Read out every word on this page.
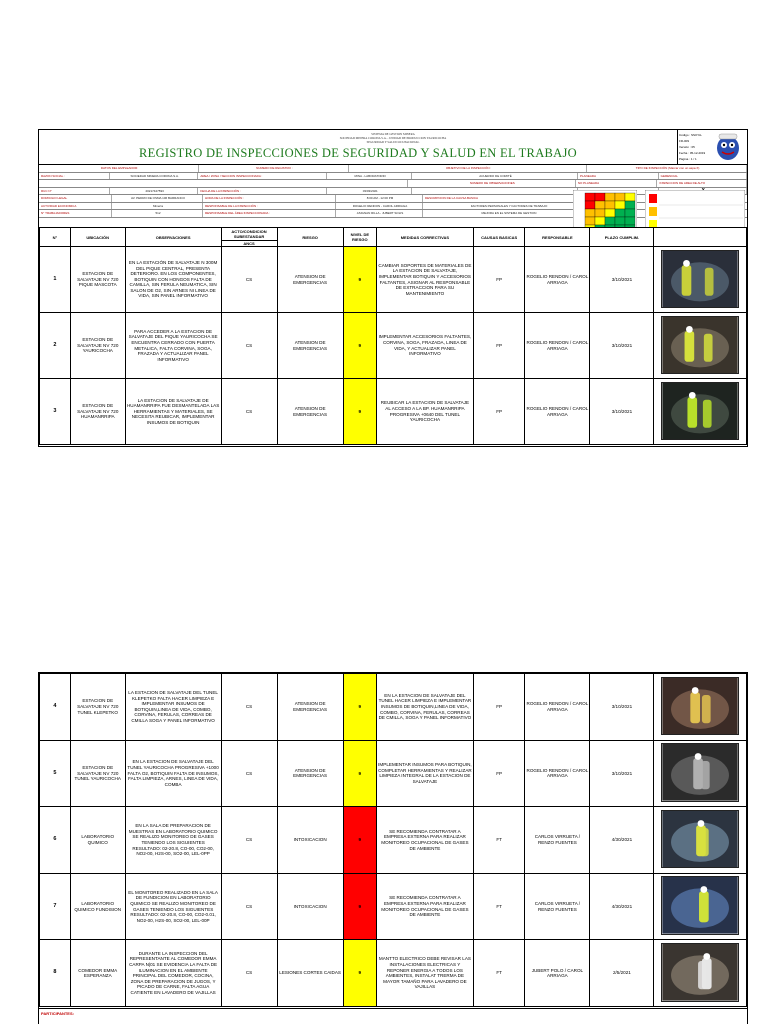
SISTEMA DE GESTION MINERA
SOCIEDAD MINERA CORONA S.A. - UNIDAD DE PRODUCCION YAURICOCHA
SEGURIDAD Y SALUD OCUPACIONAL
REGISTRO DE INSPECCIONES DE SEGURIDAD Y SALUD EN EL TRABAJO
Código : SSOYA-FR-009
Versión : 05
Fecha : 05-12-2019
Página : 1 / 1
DATOS DEL EMPLEADOR:	NUMERO DE REGISTRO :	OBJETIVO DE LA INSPECCIÓN :	TIPO DE INSPECCIÓN (Marcar con un aspa X)
RAZON SOCIAL :	SOCIEDAD MINERA CORONA S.A.	AREA / ZONA / SECCION INSPECCIONADA :	MINA - LABORATORIO	ACUERDO DE COMITÉ	PLANEADA	GERENCIAL
NUMERO DE OBSERVACIONES	NO PLANEADA	INSPECCION DE AREA DE ALTO
RUC N°	20217427593	FECHA DE LA INSPECCIÓN :	03/03/2021
DOMICILIO LEGAL	AV. PEDRO DE OSMA 106 BARRANCO	HORA DE LA INSPECCIÓN :	8:00 AM - 12:00 PM	DESCRIPCION DE LA CAUSA BASICA
ACTIVIDAD ECONOMICA	Minería	RESPONSABLE DE LA INSPECCIÓN :	ROGELIO RENDON - CAROL ARRIAGA	FACTORES PERSONALES Y FACTORES DE TRABAJO
N° TRABAJADORES	512	RESPONSABLE DEL ÁREA INSPECCIONADA :	ASIGNAN RILLA - JUBERT SOLIS	MEJORA EN EL SISTEMA DE GESTION
N°	UBICACIÓN	OBSERVACIONES	ACTO/CONDICION SUBESTANDAR
ANCS	RIESGO	NIVEL DE RIESGO	MEDIDAS CORRECTIVAS	CAUSAS BASICAS	RESPONSABLE	PLAZO CUMPLIM.	
1	ESTACION DE SALVATAJE NV 720 PIQUE MASCOTA	EN LA ESTACIÓN DE SALVATAJE N 300M DEL PIQUE CENTRAL, PRESENTA DETERIORO. EN LOS COMPONENTES, BOTIQUIN CON HONGOS FALTA DE CAMILLA, SIN FERULA NEUMATICA, SIN SALON DE O2, SIN ARNES NI LINEA DE VIDA, SIN PANEL INFORMATIVO	CS	ATENSION DE EMERGENCIAS	9	CAMBIAR SOPORTES DE MATERIALES DE LA ESTACION DE SALVATAJE, IMPLEMENTAR BOTIQUIN Y ACCESORIOS FALTANTES, ASIGNAR AL RESPONSABLE DE EXTRACCION PARA SU MANTENIMIENTO	FP	ROGELIO RENDON / CAROL ARRIAGA	3/10/2021	
2	ESTACION DE SALVATAJE NV 720 YAURICOCHA	PARA ACCEDER A LA ESTACION DE SALVATAJE DEL PIQUE YAURICOCHA SE ENCUENTRA CERRADO CON PUERTA METALICA, FALTA CORVINA, SOGA, FRAZADA Y ACTUALIZAR PANEL INFORMATIVO	CS	ATENSION DE EMERGENCIAS	9	IMPLEMENTAR ACCESORIOS FALTANTES, CORVINA, SOGA, FRAZADA, LINEA DE VIDA, Y ACTUALIZAR PANEL INFORMATIVO	FP	ROGELIO RENDON / CAROL ARRIAGA	3/10/2021	
3	ESTACION DE SALVATAJE NV 720 HUAMANRRIPA	LA ESTACION DE SALVATAJE DE HUAMANRRIPA FUE DESMANTELADA LAS HERRAMIENTAS Y MATERIALES, SE NECESITA REUBICAR, IMPLEMENTAR INSUMOS DE BOTIQUIN	CS	ATENSION DE EMERGENCIAS	9	REUBICAR LA ESTACION DE SALVATAJE AL ACCESO A LA BP. HUAMANRRIPA PROGRESIVA +0640 DEL TUNEL YAURICOCHA	FP	ROGELIO RENDON / CAROL ARRIAGA	3/10/2021	
4	ESTACION DE SALVATAJE NV 720 TUNEL KLEPETKO	LA ESTACION DE SALVATAJE DEL TUNEL KLEPETKO FALTA HACER LIMPIEZA E IMPLEMENTAR INSUMOS DE BOTIQUIN,LINEA DE VIDA, COMBO, CORVINA, FERULAS, CORREAS DE CMILLA SOGA Y PANEL INFORMATIVO	CS	ATENSION DE EMERGENCIAS	9	EN LA ESTACION DE SALVATAJE DEL TUNEL HACER LIMPIEZA E IMPLEMENTAR INSUMOS DE BOTIQUIN,LINEA DE VIDA, COMBO, CORVINA, FERULAS, CORREAS DE CMILLA, SOGA Y PANEL INFORMATIVO	FP	ROGELIO RENDON / CAROL ARRIAGA	3/10/2021	
5	ESTACION DE SALVATAJE NV 720 TUNEL YAURICOCHA	EN LA ESTACION DE SALVATAJE DEL TUNEL YAURICOCHA PROGRESIVA +1000 FALTA O2, BOTIQUIN FALTA DE INSUMOS, FALTA LIMPIEZA, ARNES, LINEA DE VIDA, COMBA	CS	ATENSION DE EMERGENCIAS	9	IMPLEMENTAR INSUMOS PARA BOTIQUIN, COMPLETAR HERRAMIENTAS Y REALIZAR LIMPIEZA INTEGRAL DE LA ESTACION DE SALVATAJE	FP	ROGELIO RENDON / CAROL ARRIAGA	3/10/2021	
6	LABORATORIO QUIMICO	EN LA SALA DE PREPARACION DE MUESTRAS EN LABORATORIO QUIMICO SE REALIZO MONITOREO DE GASES TENIENDO LOS SIGUIENTES RESULTADO: 02-20.8, CO-00, CO2-00, NO2-00, H2S-00, SO2-00, LEL-0PP	CS	INTOXICACION	9	SE RECOMIENDA CONTRATAR A EMPRESA EXTERNA PARA REALIZAR MONITOREO OCUPACIONAL DE GASES DE AMBIENTE	FT	CARLOS VIRRUETA / RENZO FUENTES	4/30/2021	
7	LABORATORIO QUIMICO FUNDISION	EL MONITOREO REALIZADO EN LA SALA DE FUNDICION EN LABORATORIO QUIMICO SE REALIZO MONITOREO DE GASES TENIENDO LOS SIGUIENTES RESULTADO: 02-20.8, CO-00, CO2-0.01, NO2-00, H2S-00, SO2-00, LEL-00P	CS	INTOXICACION	9	SE RECOMIENDA CONTRATAR A EMPRESA EXTERNA PARA REALIZAR MONITOREO OCUPACIONAL DE GASES DE AMBIENTE	FT	CARLOS VIRRUETA / RENZO FUENTES	4/30/2021	
8	COMEDOR EMMA ESPERANZA	DURANTE LA INSPECCION DEL REPRESENTANTE AL COMEDOR EMMA CARPA N|01 SE EVIDENCIA LA FALTA DE ILUMINACION EN EL AMBIENTE PRINCIPAL DEL COMEDOR, COCINA, ZONA DE PREPARACION DE JUGOS, Y PICADO DE CARNE, FALTA AGUA CATIENTE EN LAVADERO DE VAJILLAS	CS	LESIONES CORTES CAIDAS	9	MANTTO ELECTRICO DEBE REVISAR LAS INSTALACIONES ELECTRICAS Y REPONER ENERGIA A TODOS LOS AMBIENTES, INSTALAT TRERMA DE MAYOR TAMAÑO PARA LAVADERO DE VAJILLAS	FT	JUBERT POLO / CAROL ARRIAGA	2/5/2021	
PARTICIPANTES:
